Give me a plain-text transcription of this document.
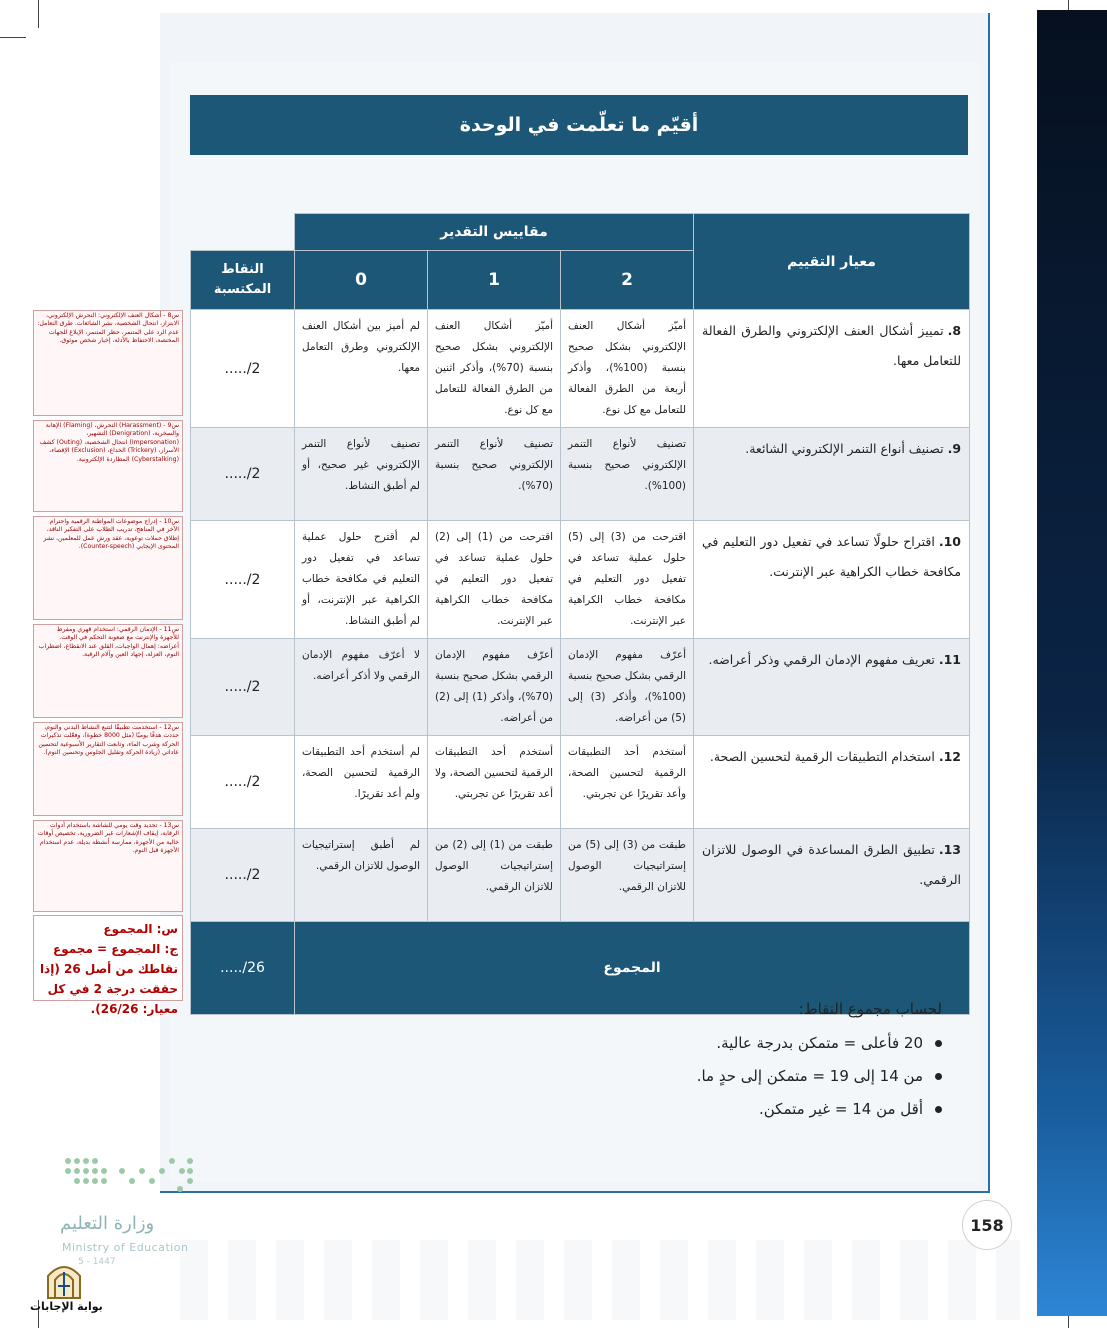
أقيّم ما تعلّمت في الوحدة
معيار التقييم	مقاييس التقدير			
	2	1	0	النقاط المكتسبة
8.تمييز أشكال العنف الإلكتروني والطرق الفعالة للتعامل معها.	أميّز أشكال العنف الإلكتروني بشكل صحيح بنسبة (100%)، وأذكر أربعة من الطرق الفعالة للتعامل مع كل نوع.	أميّز أشكال العنف الإلكتروني بشكل صحيح بنسبة (70%)، وأذكر اثنين من الطرق الفعالة للتعامل مع كل نوع.	لم أميز بين أشكال العنف الإلكتروني وطرق التعامل معها.	2/.....
9.تصنيف أنواع التنمر الإلكتروني الشائعة.	تصنيف لأنواع التنمر الإلكتروني صحيح بنسبة (100%).	تصنيف لأنواع التنمر الإلكتروني صحيح بنسبة (70%).	تصنيف لأنواع التنمر الإلكتروني غير صحيح، أو لم أطبق النشاط.	2/.....
10.اقتراح حلولًا تساعد في تفعيل دور التعليم في مكافحة خطاب الكراهية عبر الإنترنت.	اقترحت من (3) إلى (5) حلول عملية تساعد في تفعيل دور التعليم في مكافحة خطاب الكراهية عبر الإنترنت.	اقترحت من (1) إلى (2) حلول عملية تساعد في تفعيل دور التعليم في مكافحة خطاب الكراهية عبر الإنترنت.	لم أقترح حلول عملية تساعد في تفعيل دور التعليم في مكافحة خطاب الكراهية عبر الإنترنت، أو لم أطبق النشاط.	2/.....
11.تعريف مفهوم الإدمان الرقمي وذكر أعراضه.	أعرّف مفهوم الإدمان الرقمي بشكل صحيح بنسبة (100%)، وأذكر (3) إلى (5) من أعراضه.	أعرّف مفهوم الإدمان الرقمي بشكل صحيح بنسبة (70%)، وأذكر (1) إلى (2) من أعراضه.	لا أعرّف مفهوم الإدمان الرقمي ولا أذكر أعراضه.	2/.....
12.استخدام التطبيقات الرقمية لتحسين الصحة.	أستخدم أحد التطبيقات الرقمية لتحسين الصحة، وأعد تقريرًا عن تجربتي.	أستخدم أحد التطبيقات الرقمية لتحسين الصحة، ولا أعد تقريرًا عن تجربتي.	لم أستخدم أحد التطبيقات الرقمية لتحسين الصحة، ولم أعد تقريرًا.	2/.....
13.تطبيق الطرق المساعدة في الوصول للاتزان الرقمي.	طبقت من (3) إلى (5) من إستراتيجيات الوصول للاتزان الرقمي.	طبقت من (1) إلى (2) من إستراتيجيات الوصول للاتزان الرقمي.	لم أطبق إستراتيجيات الوصول للاتزان الرقمي.	2/.....
المجموع				26/.....
لحساب مجموع النقاط:
20 فأعلى = متمكن بدرجة عالية.
من 14 إلى 19 = متمكن إلى حدٍ ما.
أقل من 14 = غير متمكن.
158
وزارة التعليم
Ministry of Education
5 - 1447
بوابة الإجابات
س8 - أشكال العنف الإلكتروني: التحرش الإلكتروني، الابتزاز، انتحال الشخصية، نشر الشائعات. طرق التعامل: عدم الرد على المتنمر، حظر المتنمر، الإبلاغ للجهات المختصة، الاحتفاظ بالأدلة، إخبار شخص موثوق.
س9 - (Harassment) التحرش، (Flaming) الإهانة والسخرية، (Denigration) التشهير، (Impersonation) انتحال الشخصية، (Outing) كشف الأسرار، (Trickery) الخداع، (Exclusion) الإقصاء، (Cyberstalking) المطاردة الإلكترونية.
س10 - إدراج موضوعات المواطنة الرقمية واحترام الآخر في المناهج، تدريب الطلاب على التفكير الناقد، إطلاق حملات توعوية، عقد ورش عمل للمعلمين، نشر المحتوى الإيجابي (Counter-speech).
س11 - الإدمان الرقمي: استخدام قهري ومفرط للأجهزة والإنترنت مع صعوبة التحكم في الوقت. أعراضه: إهمال الواجبات، القلق عند الانقطاع، اضطراب النوم، العزلة، إجهاد العين وآلام الرقبة.
س12 - استخدمت تطبيقًا لتتبع النشاط البدني والنوم، حددت هدفًا يوميًا (مثل 8000 خطوة)، وفعّلت تذكيرات الحركة وشرب الماء، وتابعت التقارير الأسبوعية لتحسين عاداتي (زيادة الحركة وتقليل الجلوس وتحسين النوم).
س13 - تحديد وقت يومي للشاشة باستخدام أدوات الرقابة، إيقاف الإشعارات غير الضرورية، تخصيص أوقات خالية من الأجهزة، ممارسة أنشطة بديلة، عدم استخدام الأجهزة قبل النوم.
س: المجموع
ج: المجموع = مجموع نقاطك من أصل 26 (إذا حققت درجة 2 في كل معيار: 26/26).
